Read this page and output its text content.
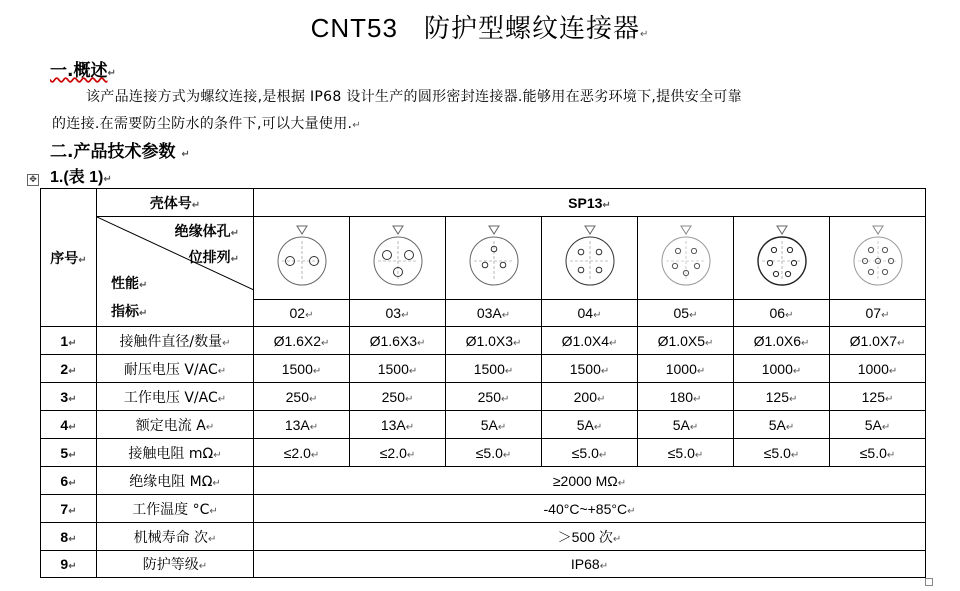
CNT53 防护型螺纹连接器↵
一.概述↵
该产品连接方式为螺纹连接,是根据 IP68 设计生产的圆形密封连接器.能够用在恶劣环境下,提供安全可靠
的连接.在需要防尘防水的条件下,可以大量使用.↵
二.产品技术参数 ↵
✥ 1.(表 1)↵
序号↵	壳体号↵	SP13↵						

	绝缘体孔↵
位排列↵
性能↵
指标↵

		02↵	03↵	03A↵	04↵	05↵	06↵	07↵
1↵	接触件直径/数量↵	Ø1.6X2↵	Ø1.6X3↵	Ø1.0X3↵	Ø1.0X4↵	Ø1.0X5↵	Ø1.0X6↵	Ø1.0X7↵
2↵	耐压电压 V/AC↵	1500↵	1500↵	1500↵	1500↵	1000↵	1000↵	1000↵
3↵	工作电压 V/AC↵	250↵	250↵	250↵	200↵	180↵	125↵	125↵
4↵	额定电流 A↵	13A↵	13A↵	5A↵	5A↵	5A↵	5A↵	5A↵
5↵	接触电阻 mΩ↵	≤2.0↵	≤2.0↵	≤5.0↵	≤5.0↵	≤5.0↵	≤5.0↵	≤5.0↵
6↵	绝缘电阻 MΩ↵	≥2000 MΩ↵						
7↵	工作温度 °C↵	-40°C~+85°C↵						
8↵	机械寿命 次↵	＞500 次↵						
9↵	防护等级↵	IP68↵						
